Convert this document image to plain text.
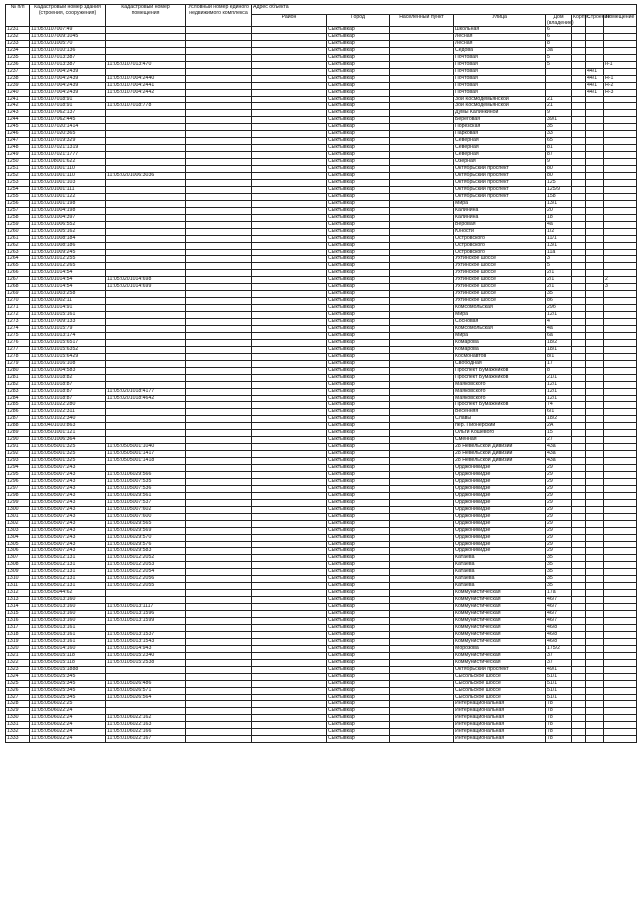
№ п/п	Кадастровый номер здания (строения, сооружения)	Кадастровый номер помещения	Условный номер единого недвижимого комплекса	Адрес объекта							
				Район	Город	Населенный пункт	Улица	Дом (владение)	Корпус	Строение	Помещение
1231	11:05:0107007:49				Сыктывкар		Школьная	6			
1232	11:05:0107009:1045				Сыктывкар		Лесная	6			
1233	11:05:0201005:70				Сыктывкар		Лесная	8			
1234	11:05:0107010:136				Сыктывкар		Седова	3а			
1235	11:05:0107013:387				Сыктывкар		Почтовая	5			
1236	11:05:0107013:387	11:05:0107013:470			Сыктывкар		Почтовая	5			н-1
1237	11:05:0107004:2439				Сыктывкар		Почтовая			44/1	
1238	11:05:0107004:2439	11:05:0107004:2440			Сыктывкар		Почтовая			44/1	Н-1
1239	11:05:0107004:2439	11:05:0107004:2441			Сыктывкар		Почтовая			44/1	Н-2
1240	11:05:0107004:2439	11:05:0107004:2442			Сыктывкар		Почтовая			44/1	Н-3
1241	11:05:0107018:91				Сыктывкар		Зои Космодемьянской	21			
1242	11:05:0107018:91	11:05:0107018:778			Сыктывкар		Зои Космодемьянской	21			
1243	11:05:0107062:137				Сыктывкар		Думы Калинкиной	9			
1244	11:05:0107062:445				Сыктывкар		Береговая	39/1			
1245	11:05:0107020:1414				Сыктывкар		Порезская	35			
1246	11:05:0107020:365				Сыктывкар		Парковая	33			
1247	11:05:0107019:329				Сыктывкар		Северная	65			
1248	11:05:0107021:1319				Сыктывкар		Северная	81			
1249	11:05:0107021:1777				Сыктывкар		Северная	87			
1250	11:05:0108001:622				Сыктывкар		Озерная	9			
1251	11:05:0201001:110				Сыктывкар		Октябрьский проспект	80			
1252	11:05:0201001:110	11:05:0201006:3036			Сыктывкар		Октябрьский проспект	80			
1253	11:05:0201001:103				Сыктывкар		Октябрьский проспект	125			
1254	11:05:0201001:111				Сыктывкар		Октябрьский проспект	125/9			
1255	11:05:0201001:122				Сыктывкар		Октябрьский проспект	158			
1256	11:05:0201001:198				Сыктывкар		Мира	13/1			
1257	11:05:0201004:198				Сыктывкар		Калинина	20			
1258	11:05:0201004:397				Сыктывкар		Калинина	18			
1259	11:05:0201006:552				Сыктывкар		Веровая	4а			
1260	11:05:0201005:162				Сыктывкар		Юности	1/2			
1261	11:05:0201008:184				Сыктывкар		Островского	11/1			
1262	11:05:0201008:186				Сыктывкар		Островского	13/1			
1263	11:05:0201009:245				Сыктывкар		Островского	11а			
1264	11:05:0201012:255				Сыктывкар		Ухтинское шоссе	3			
1265	11:05:0201012:265				Сыктывкар		Ухтинское шоссе	5			
1266	11:05:0201014:54				Сыктывкар		Ухтинское шоссе	2/1			
1267	11:05:0201014:54	11:05:0201014:698			Сыктывкар		Ухтинское шоссе	2/1			2
1268	11:05:0201014:54	11:05:0201014:699			Сыктывкар		Ухтинское шоссе	2/1			3
1269	11:05:0201003:258				Сыктывкар		Ухтинское шоссе	35			
1270	11:05:0301002:11				Сыктывкар		Ухтинское шоссе	86			
1271	11:05:0201014:91				Сыктывкар		Комсомольская	29б			
1272	11:05:0201015:161				Сыктывкар		Мира	12/1			
1273	11:05:0107009:133				Сыктывкар		Сосновая	4			
1274	11:05:0201015:79				Сыктывкар		Комсомольская	4а			
1275	11:05:0201013:174				Сыктывкар		Мира	6а			
1276	11:05:0201015:6517				Сыктывкар		Комарова	18/2			
1277	11:05:0201015:6352				Сыктывкар		Комарова	18/1			
1278	11:05:0201015:6429				Сыктывкар		Космонавтов	8/1			
1279	11:05:0201016:108				Сыктывкар		Свободная	17			
1280	11:05:0201004:583				Сыктывкар		Проспект Бумажников	8			
1281	11:05:0201018:82				Сыктывкар		Проспект Бумажников	21/1			
1282	11:05:0201018:87				Сыктывкар		Маяковского	12/1			
1283	11:05:0201018:87	11:05:0201018:4177			Сыктывкар		Маяковского	12/1			
1284	11:05:0201018:87	11:05:0201018:4642			Сыктывкар		Маяковского	12/1			
1285	11:05:0201022:280				Сыктывкар		Проспект Бумажников	74			
1286	11:05:0201022:311				Сыктывкар		Весенняя	6/1			
1287	11:05:0201022:340				Сыктывкар		Славы	18/2			
1288	11:05:0401010:863				Сыктывкар		пер. Пионерский	2А			
1289	11:05:0501001:121				Сыктывкар		Ольги Кошевого	15			
1290	11:05:0501006:364				Сыктывкар		Сменная	27			
1291	11:05:0505001:325	11:05:0505001:1040			Сыктывкар		28 Невельской Дивизии	43а			
1292	11:05:0505001:325	11:05:0505001:1417			Сыктывкар		28 Невельской Дивизии	43а			
1293	11:05:0505001:325	11:05:0505001:1418			Сыктывкар		28 Невельской Дивизии	43а			
1294	11:05:0505007:243				Сыктывкар		Орджоникидзе	29			
1295	11:05:0505007:243	11:05:0106029:566			Сыктывкар		Орджоникидзе	29			
1296	11:05:0505007:243	11:05:0105007:535			Сыктывкар		Орджоникидзе	29			
1297	11:05:0505007:243	11:05:0105007:536			Сыктывкар		Орджоникидзе	29			
1298	11:05:0505007:243	11:05:0106029:561			Сыктывкар		Орджоникидзе	29			
1299	11:05:0505007:243	11:05:0105007:537			Сыктывкар		Орджоникидзе	29			
1300	11:05:0505007:243	11:05:0105007:602			Сыктывкар		Орджоникидзе	29			
1301	11:05:0505007:243	11:05:0105007:600			Сыктывкар		Орджоникидзе	29			
1302	11:05:0505007:243	11:05:0106029:565			Сыктывкар		Орджоникидзе	29			
1303	11:05:0505007:243	11:05:0106029:569			Сыктывкар		Орджоникидзе	29			
1304	11:05:0505007:243	11:05:0106029:570			Сыктывкар		Орджоникидзе	29			
1305	11:05:0505007:243	11:05:0106029:576			Сыктывкар		Орджоникидзе	29			
1306	11:05:0505007:243	11:05:0106029:583			Сыктывкар		Орджоникидзе	29			
1307	11:05:0505012:131	11:05:0105012:2052			Сыктывкар		Катаева	35			
1308	11:05:0505012:131	11:05:0105012:2053			Сыктывкар		Катаева	35			
1309	11:05:0505012:131	11:05:0105012:2054			Сыктывкар		Катаева	35			
1310	11:05:0505012:131	11:05:0105012:2056			Сыктывкар		Катаева	35			
1311	11:05:0505012:131	11:05:0105012:2055			Сыктывкар		Катаева	35			
1312	11:05:0505044:62				Сыктывкар		Коммунистическая	17а			
1313	11:05:0505013:160				Сыктывкар		Коммунистическая	46/7			
1314	11:05:0505013:160	11:05:0105013:1117			Сыктывкар		Коммунистическая	46/7			
1315	11:05:0505013:160	11:05:0105013:1596			Сыктывкар		Коммунистическая	46/7			
1316	11:05:0505013:160	11:05:0105013:1599			Сыктывкар		Коммунистическая	46/7			
1317	11:05:0505013:161				Сыктывкар		Коммунистическая	46/8			
1318	11:05:0505013:161	11:05:0105013:1537			Сыктывкар		Коммунистическая	46/8			
1319	11:05:0505013:161	11:05:0105013:1543			Сыктывкар		Коммунистическая	46/8			
1320	11:05:0505014:160	11:05:0105014:943			Сыктывкар		Морозова	175/2			
1321	11:05:0505015:118	11:05:0105015:2340			Сыктывкар		Коммунистическая	37			
1322	11:05:0505015:118	11:05:0105015:2538			Сыктывкар		Коммунистическая	37			
1323	11:05:0505015:1888				Сыктывкар		Октябрьский проспект	49/1			
1324	11:05:0505025:345				Сыктывкар		Сысольское шоссе	51/1			
1325	11:05:0505025:345	11:05:0105026:486			Сыктывкар		Сысольское шоссе	51/1			
1326	11:05:0505025:345	11:05:0105026:571			Сыктывкар		Сысольское шоссе	51/1			
1327	11:05:0505025:345	11:05:0105026:564			Сыктывкар		Сысольское шоссе	51/1			
1328	11:05:0506022:25				Сыктывкар		Интернациональная	78			
1329	11:05:0506022:24				Сыктывкар		Интернациональная	78			
1330	11:05:0506022:24	11:05:0106022:162			Сыктывкар		Интернациональная	78			
1331	11:05:0506022:24	11:05:0106022:163			Сыктывкар		Интернациональная	78			
1332	11:05:0506022:24	11:05:0106022:166			Сыктывкар		Интернациональная	78			
1333	11:05:0506022:24	11:05:0106022:167			Сыктывкар		Интернациональная	78			
